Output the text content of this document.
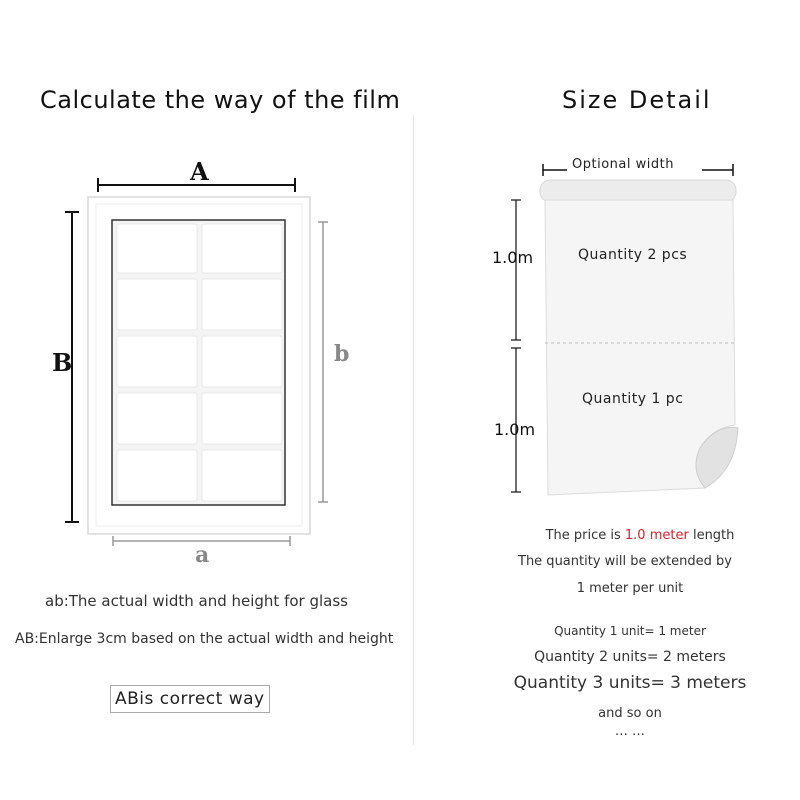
Calculate the way of the film
A
B	b
a
ab:The actual width and height for glass
AB:Enlarge 3cm based on the actual width and height
ABis correct way
Size Detail
Optional width
1.0m
1.0m
Quantity 2 pcs
Quantity 1 pc
The price is 1.0 meter length
The quantity will be extended by
1 meter per unit
Quantity 1 unit= 1 meter
Quantity 2 units= 2 meters
Quantity 3 units= 3 meters
and so on
… …
